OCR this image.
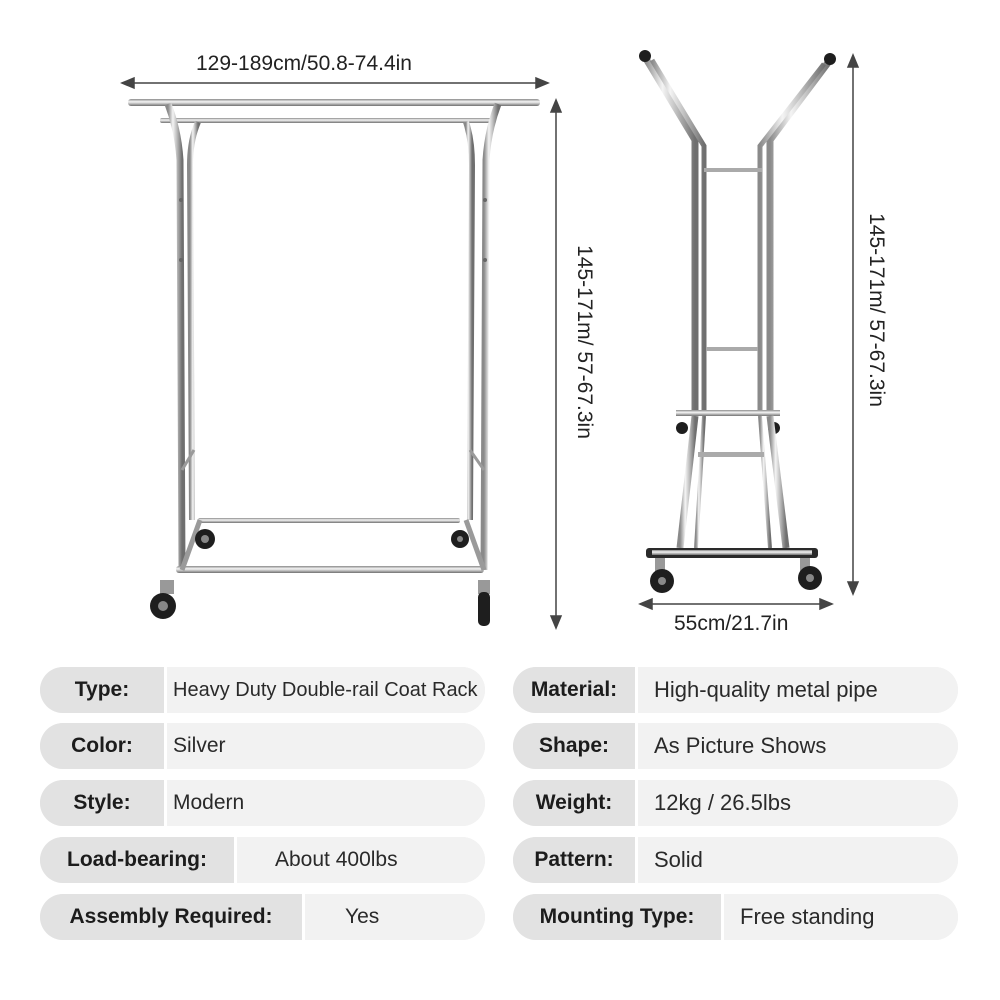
129-189cm/50.8-74.4in
145-171m/ 57-67.3in	145-171m/ 57-67.3in
55cm/21.7in
Type:	Heavy Duty Double-rail Coat Rack
Color:	Silver
Style:	Modern
Load-bearing:	About 400lbs
Assembly Required:	Yes
Material:	High-quality metal pipe
Shape:	As Picture Shows
Weight:	12kg / 26.5lbs
Pattern:	Solid
Mounting Type:	Free standing
